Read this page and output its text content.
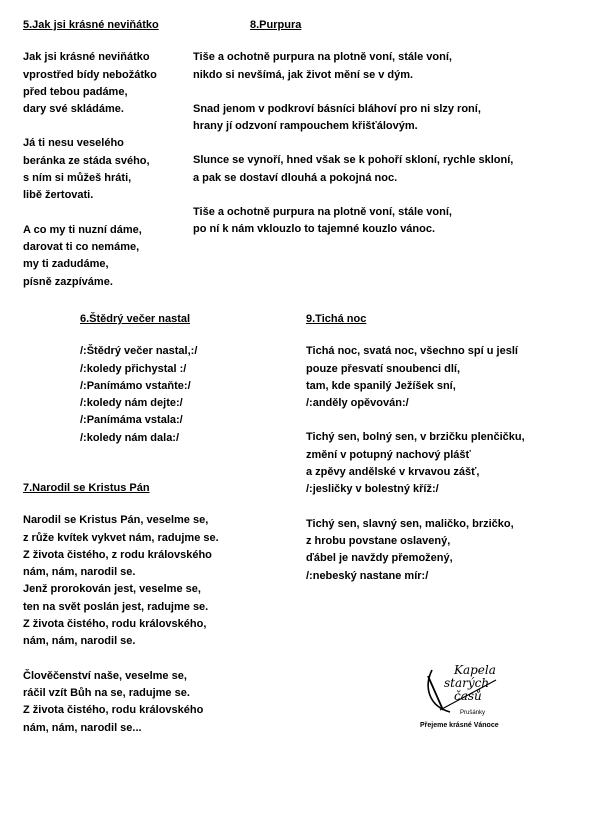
5.Jak jsi krásné neviňátko
Jak jsi krásné neviňátko
vprostřed bídy nebožátko
před tebou padáme,
dary své skládáme.
Já ti nesu veselého
beránka ze stáda svého,
s ním si můžeš hráti,
libě žertovati.
A co my ti nuzní dáme,
darovat ti co nemáme,
my ti zadudáme,
písně zazpíváme.
8.Purpura
Tiše a ochotně purpura na plotně voní, stále voní,
nikdo si nevšímá, jak život mění se v dým.
Snad jenom v podkroví básníci bláhoví pro ni slzy roní,
hrany jí odzvoní rampouchem křišťálovým.
Slunce se vynoří, hned však se k pohoří skloní, rychle skloní,
a pak se dostaví dlouhá a pokojná noc.
Tiše a ochotně purpura na plotně voní, stále voní,
po ní k nám vklouzlo to tajemné kouzlo vánoc.
6.Štědrý večer nastal
/:Štědrý večer nastal,:/
/:koledy přichystal :/
/:Panímámo vstaňte:/
/:koledy nám dejte:/
/:Panímáma vstala:/
/:koledy nám dala:/
9.Tichá noc
Tichá noc, svatá noc, všechno spí u jeslí
pouze přesvatí snoubenci dlí,
tam, kde spanilý Ježíšek sní,
/:anděly opěvován:/
Tichý sen, bolný sen, v brzičku plenčičku,
změní v potupný nachový plášť
a zpěvy andělské v krvavou zášť,
/:jesličky v bolestný kříž:/
Tichý sen, slavný sen, maličko, brzičko,
z hrobu povstane oslavený,
ďábel je navždy přemožený,
/:nebeský nastane mír:/
7.Narodil se Kristus Pán
Narodil se Kristus Pán, veselme se,
z růže kvítek vykvet nám, radujme se.
Z života čistého, z rodu královského
nám, nám, narodil se.
Jenž prorokován jest, veselme se,
ten na svět poslán jest, radujme se.
Z života čistého, rodu královského,
nám, nám, narodil se.
Člověčenství naše, veselme se,
ráčil vzít Bůh na se, radujme se.
Z života čistého, rodu královského
nám, nám, narodil se...
Kapela
starých
časů
Prušánky
Přejeme krásné Vánoce
